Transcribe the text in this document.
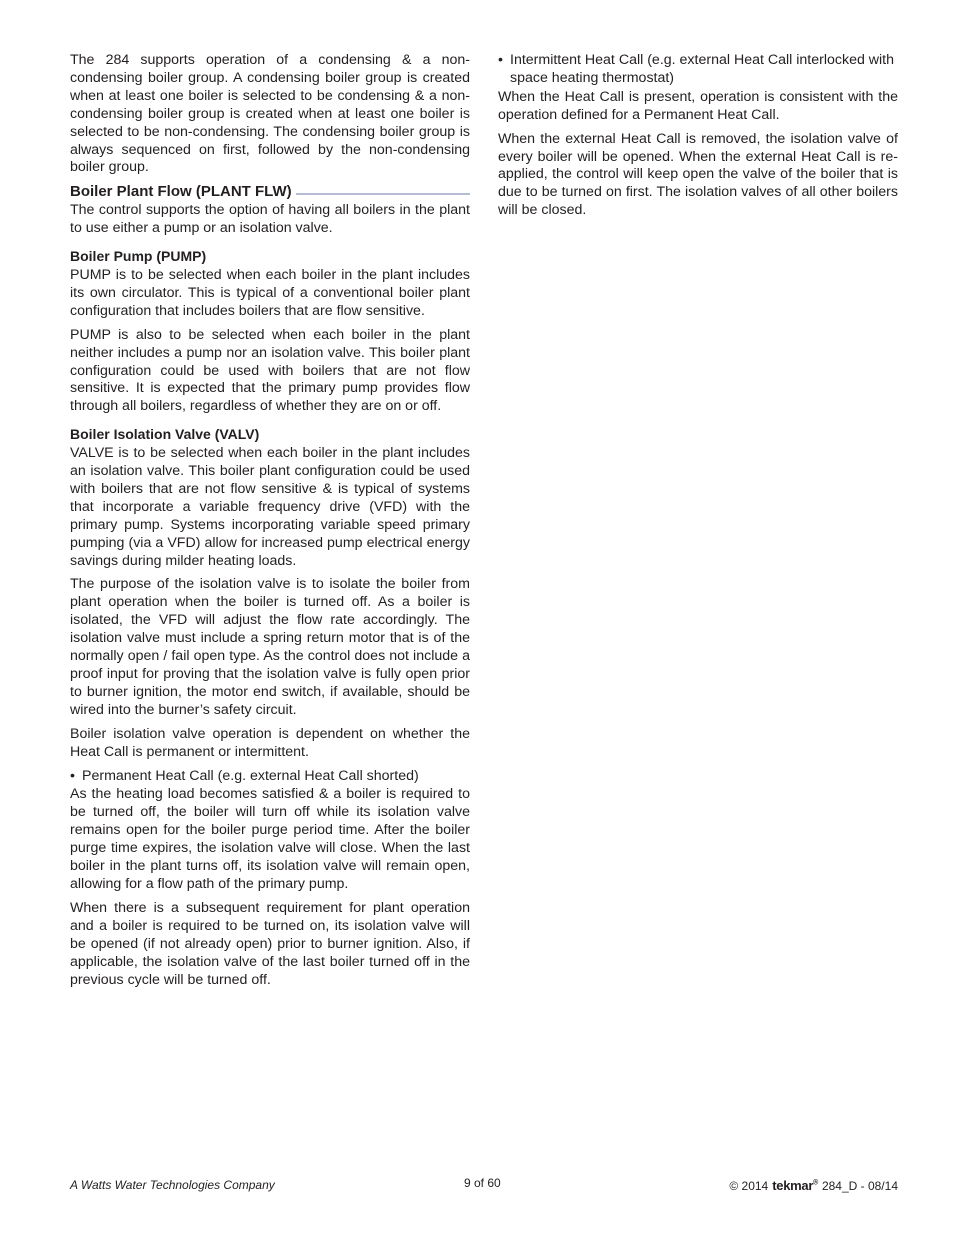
The 284 supports operation of a condensing & a non-condensing boiler group. A condensing boiler group is created when at least one boiler is selected to be condensing & a non-condensing boiler group is created when at least one boiler is selected to be non-condensing. The condensing boiler group is always sequenced on first, followed by the non-condensing boiler group.

Boiler Plant Flow (PLANT FLW)

The control supports the option of having all boilers in the plant to use either a pump or an isolation valve.

Boiler Pump (PUMP)

PUMP is to be selected when each boiler in the plant includes its own circulator. This is typical of a conventional boiler plant configuration that includes boilers that are flow sensitive.

PUMP is also to be selected when each boiler in the plant neither includes a pump nor an isolation valve. This boiler plant configuration could be used with boilers that are not flow sensitive. It is expected that the primary pump provides flow through all boilers, regardless of whether they are on or off.

Boiler Isolation Valve (VALV)

VALVE is to be selected when each boiler in the plant includes an isolation valve. This boiler plant configuration could be used with boilers that are not flow sensitive & is typical of systems that incorporate a variable frequency drive (VFD) with the primary pump. Systems incorporating variable speed primary pumping (via a VFD) allow for increased pump electrical energy savings during milder heating loads.

The purpose of the isolation valve is to isolate the boiler from plant operation when the boiler is turned off. As a boiler is isolated, the VFD will adjust the flow rate accordingly. The isolation valve must include a spring return motor that is of the normally open / fail open type. As the control does not include a proof input for proving that the isolation valve is fully open prior to burner ignition, the motor end switch, if available, should be wired into the burner’s safety circuit.

Boiler isolation valve operation is dependent on whether the Heat Call is permanent or intermittent.

• Permanent Heat Call (e.g. external Heat Call shorted)

As the heating load becomes satisfied & a boiler is required to be turned off, the boiler will turn off while its isolation valve remains open for the boiler purge period time. After the boiler purge time expires, the isolation valve will close. When the last boiler in the plant turns off, its isolation valve will remain open, allowing for a flow path of the primary pump.

When there is a subsequent requirement for plant operation and a boiler is required to be turned on, its isolation valve will be opened (if not already open) prior to burner ignition. Also, if applicable, the isolation valve of the last boiler turned off in the previous cycle will be turned off.

• Intermittent Heat Call (e.g. external Heat Call interlocked with space heating thermostat)

When the Heat Call is present, operation is consistent with the operation defined for a Permanent Heat Call.

When the external Heat Call is removed, the isolation valve of every boiler will be opened. When the external Heat Call is re-applied, the control will keep open the valve of the boiler that is due to be turned on first. The isolation valves of all other boilers will be closed.

A Watts Water Technologies Company	9 of 60	© 2014 tekmar® 284_D - 08/14
